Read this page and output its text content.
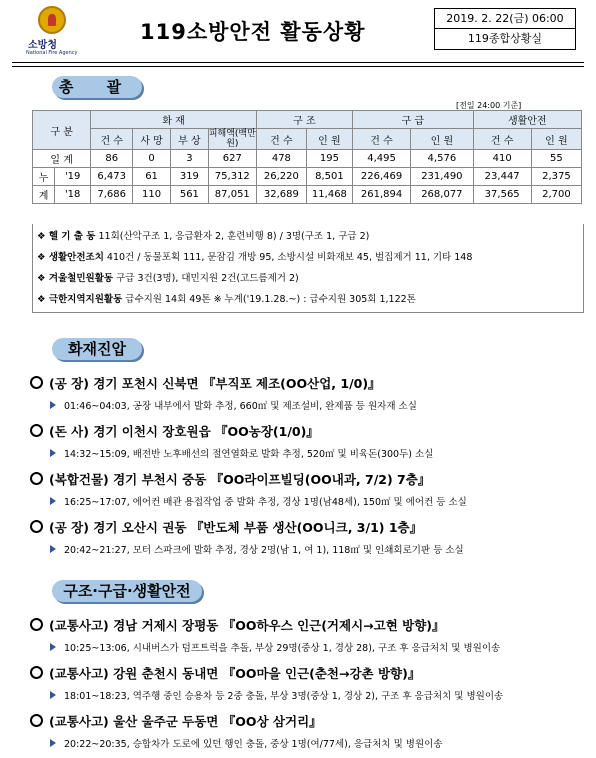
소방청
National Fire Agency
119소방안전 활동상황
2019. 2. 22(금) 06:00
119종합상황실
총 괄
[전일 24:00 기준]
구 분		화 재				구 조		구 급		생활안전	
		건 수	사 망	부 상	피해액(백만원)	건 수	인 원	건 수	인 원	건 수	인 원
일 계		86	0	3	627	478	195	4,495	4,576	410	55
누	'19	6,473	61	319	75,312	26,220	8,501	226,469	231,490	23,447	2,375
계	'18	7,686	110	561	87,051	32,689	11,468	261,894	268,077	37,565	2,700
❖ 헬 기 출 동 11회(산악구조 1, 응급환자 2, 훈련비행 8) / 3명(구조 1, 구급 2)
❖ 생활안전조치 410건 / 동물포획 111, 문잠김 개방 95, 소방시설 비화재보 45, 벌집제거 11, 기타 148
❖ 겨울철민원활동 구급 3건(3명), 대민지원 2건(고드름제거 2)
❖ 극한지역지원활동 급수지원 14회 49톤 ※ 누계('19.1.28.~) : 급수지원 305회 1,122톤
화재진압
(공 장) 경기 포천시 신북면 『부직포 제조(OO산업, 1/0)』
01:46~04:03, 공장 내부에서 발화 추정, 660㎡ 및 제조설비, 완제품 등 원자재 소실
(돈 사) 경기 이천시 장호원읍 『OO농장(1/0)』
14:32~15:09, 배전반 노후배선의 절연열화로 발화 추정, 520㎡ 및 비육돈(300두) 소실
(복합건물) 경기 부천시 중동 『OO라이프빌딩(OO내과, 7/2) 7층』
16:25~17:07, 에어컨 배관 용접작업 중 발화 추정, 경상 1명(남48세), 150㎡ 및 에어컨 등 소실
(공 장) 경기 오산시 권동 『반도체 부품 생산(OO니크, 3/1) 1층』
20:42~21:27, 모터 스파크에 발화 추정, 경상 2명(남 1, 여 1), 118㎡ 및 인쇄회로기판 등 소실
구조·구급·생활안전
(교통사고) 경남 거제시 장평동 『OO하우스 인근(거제시→고현 방향)』
10:25~13:06, 시내버스가 덤프트럭을 추돌, 부상 29명(중상 1, 경상 28), 구조 후 응급처치 및 병원이송
(교통사고) 강원 춘천시 동내면 『OO마을 인근(춘천→강촌 방향)』
18:01~18:23, 역주행 중인 승용차 등 2중 충돌, 부상 3명(중상 1, 경상 2), 구조 후 응급처치 및 병원이송
(교통사고) 울산 울주군 두동면 『OO상 삼거리』
20:22~20:35, 승합차가 도로에 있던 행인 충돌, 중상 1명(여/77세), 응급처치 및 병원이송
